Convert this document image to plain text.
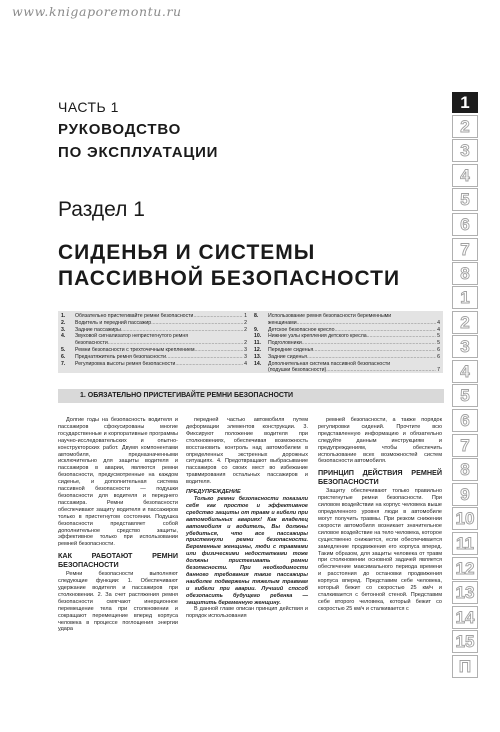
www.knigaporemontu.ru
ЧАСТЬ 1
РУКОВОДСТВО
ПО ЭКСПЛУАТАЦИИ
Раздел 1
СИДЕНЬЯ И СИСТЕМЫ
ПАССИВНОЙ БЕЗОПАСНОСТИ
1.	Обязательно пристегивайте ремни безопасности .....	1
2.	Водитель и передний пассажир .....	2
3.	Задние пассажиры .....	2
4.	Звуковой сигнализатор непристегнутого ремня
безопасности .....	2
5.	Ремни безопасности с трехточечным креплением .....	3
6.	Преднатяжитель ремня безопасности .....	3
7.	Регулировка высоты ремня безопасности .....	4
8.	Использование ремня безопасности беременными
женщинами .....	4
9.	Детское безопасное кресло .....	4
10.	Нижние узлы крепления детского кресла .....	5
11.	Подголовники .....	5
12.	Передние сиденья .....	6
13.	Задние сиденья .....	6
14.	Дополнительная система пассивной безопасности
(подушки безопасности) .....	7
1. ОБЯЗАТЕЛЬНО ПРИСТЕГИВАЙТЕ РЕМНИ БЕЗОПАСНОСТИ

Долгие годы на безопасность водителя и пассажиров сфокусированы многие государственные и корпоративные программы научно-исследовательских и опытно-конструкторских работ. Двумя компонентами автомобиля, предназначенными исключительно для защиты водителя и пассажиров в аварии, являются ремни безопасности, предусмотренные на каждом сиденье, и дополнительная система пассивной безопасности — подушки безопасности для водителя и переднего пассажира. Ремни безопасности обеспечивают защиту водителя и пассажиров только в пристегнутом состоянии. Подушка безопасности представляет собой дополнительное средство защиты, эффективное только при использовании ремней безопасности.

КАК РАБОТАЮТ РЕМНИ БЕЗОПАСНОСТИ

Ремни безопасности выполняют следующие функции: 1. Обеспечивают удержание водителя и пассажиров при столкновении. 2. За счет растяжения ремня безопасности смягчают инерционное перемещение тела при столкновении и сокращают перемещение вперед корпуса человека в процессе поглощения энергии удара

передней частью автомобиля путем деформации элементов конструкции. 3. Фиксируют положение водителя при столкновениях, обеспечивая возможность восстановить контроль над автомобилем в определенных экстренных дорожных ситуациях. 4. Предотвращают выбрасывание пассажиров со своих мест во избежание травмирования остальных пассажиров и водителя.

ПРЕДУПРЕЖДЕНИЕ

Только ремни безопасности показали себя как простое и эффективное средство защиты от травм и гибели при автомобильных авариях! Как владелец автомобиля и водитель, Вы должны убедиться, что все пассажиры пристегнули ремни безопасности. Беременные женщины, люди с травмами или физическими недостатками тоже должны пристегивать ремни безопасности. При необходимости данного требования такие пассажиры наиболее подвержены тяжелым травмам и гибели при аварии. Лучший способ обезопасить будущего ребенка — защитить беременную женщину.

В данной главе описан принцип действия и порядок использования

ремней безопасности, а также порядок регулировки сидений. Прочтите всю представленную информацию и обязательно следуйте данным инструкциям и предупреждениям, чтобы обеспечить использование всех возможностей систем безопасности автомобиля.

ПРИНЦИП ДЕЙСТВИЯ РЕМНЕЙ БЕЗОПАСНОСТИ

Защиту обеспечивают только правильно пристегнутые ремни безопасности. При силовом воздействии на корпус человека выше определенного уровня люди в автомобиле могут получить травмы. При резком снижении скорости автомобиля возникает значительное силовое воздействие на тело человека, которое существенно снижается, если обеспечивается замедление продвижения его корпуса вперед. Таким образом, для защиты человека от травм при столкновении основной задачей является обеспечение максимального периода времени и расстояния до остановки продвижения корпуса вперед. Представим себе человека, который бежит со скоростью 25 км/ч и сталкивается с бетонной стеной. Представим себе второго человека, который бежит со скоростью 25 км/ч и сталкивается с

1
2
3
4
5
6
7
8
1
2
3
4
5
6
7
8
9
10
11
12
13
14
15
П
